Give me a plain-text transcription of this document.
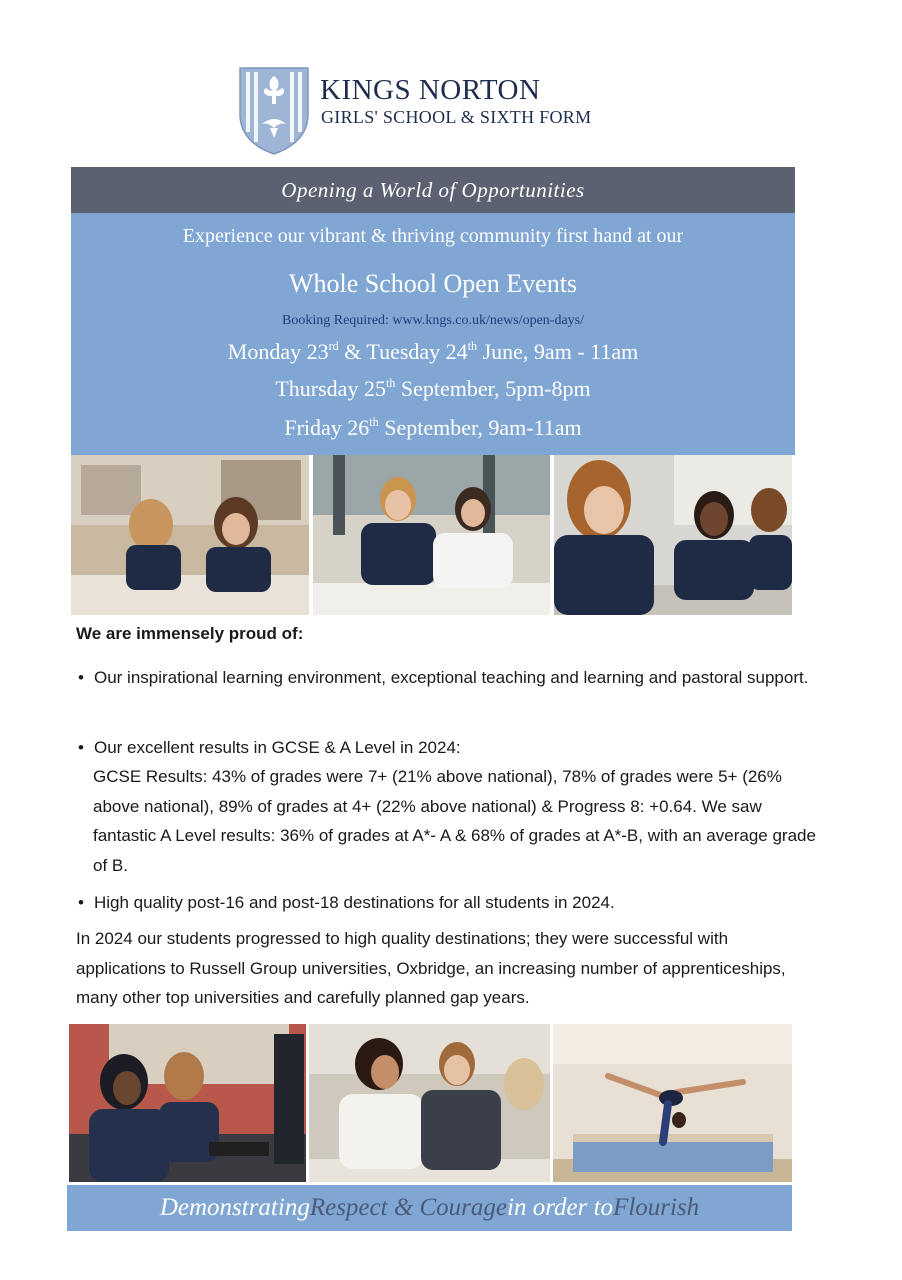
KINGS NORTON
GIRLS' SCHOOL & SIXTH FORM
Opening a World of Opportunities
Experience our vibrant & thriving community first hand at our
Whole School Open Events
Booking Required: www.kngs.co.uk/news/open-days/
Monday 23rd & Tuesday 24th June, 9am - 11am
Thursday 25th September, 5pm-8pm
Friday 26th September, 9am-11am
We are immensely proud of:
• Our inspirational learning environment, exceptional teaching and learning and pastoral support.
• Our excellent results in GCSE & A Level in 2024:
GCSE Results: 43% of grades were 7+ (21% above national), 78% of grades were 5+ (26% above national), 89% of grades at 4+ (22% above national) & Progress 8: +0.64. We saw fantastic A Level results: 36% of grades at A*- A & 68% of grades at A*-B, with an average grade of B.
• High quality post-16 and post-18 destinations for all students in 2024.
In 2024 our students progressed to high quality destinations; they were successful with applications to Russell Group universities, Oxbridge, an increasing number of apprenticeships, many other top universities and carefully planned gap years.
Demonstrating Respect & Courage in order to Flourish
